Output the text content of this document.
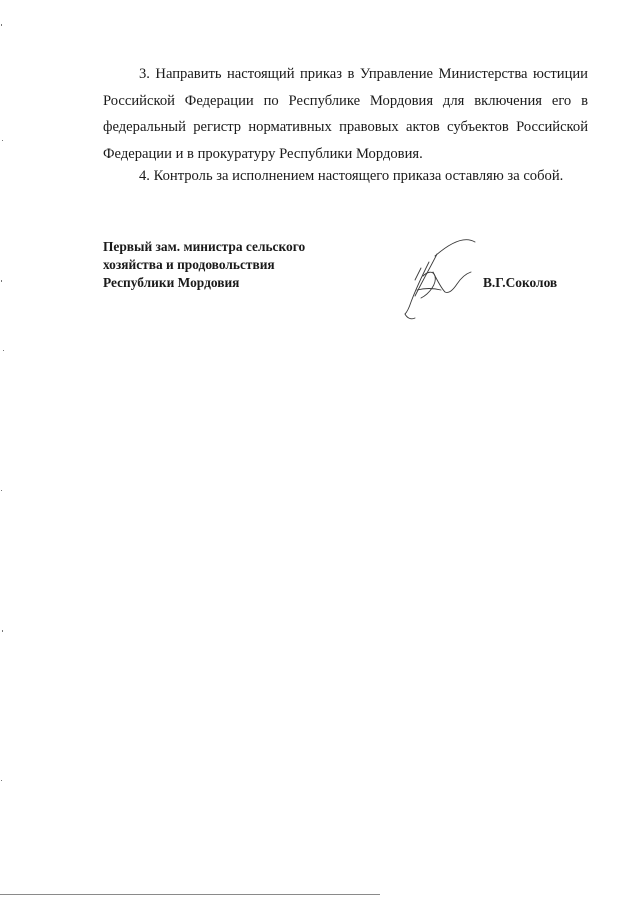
3. Направить настоящий приказ в Управление Министерства юстиции Российской Федерации по Республике Мордовия для включения его в федеральный регистр нормативных правовых актов субъектов Российской Федерации и в прокуратуру Республики Мордовия.

4. Контроль за исполнением настоящего приказа оставляю за собой.

Первый зам. министра сельского
хозяйства и продовольствия
Республики Мордовия	В.Г.Соколов
